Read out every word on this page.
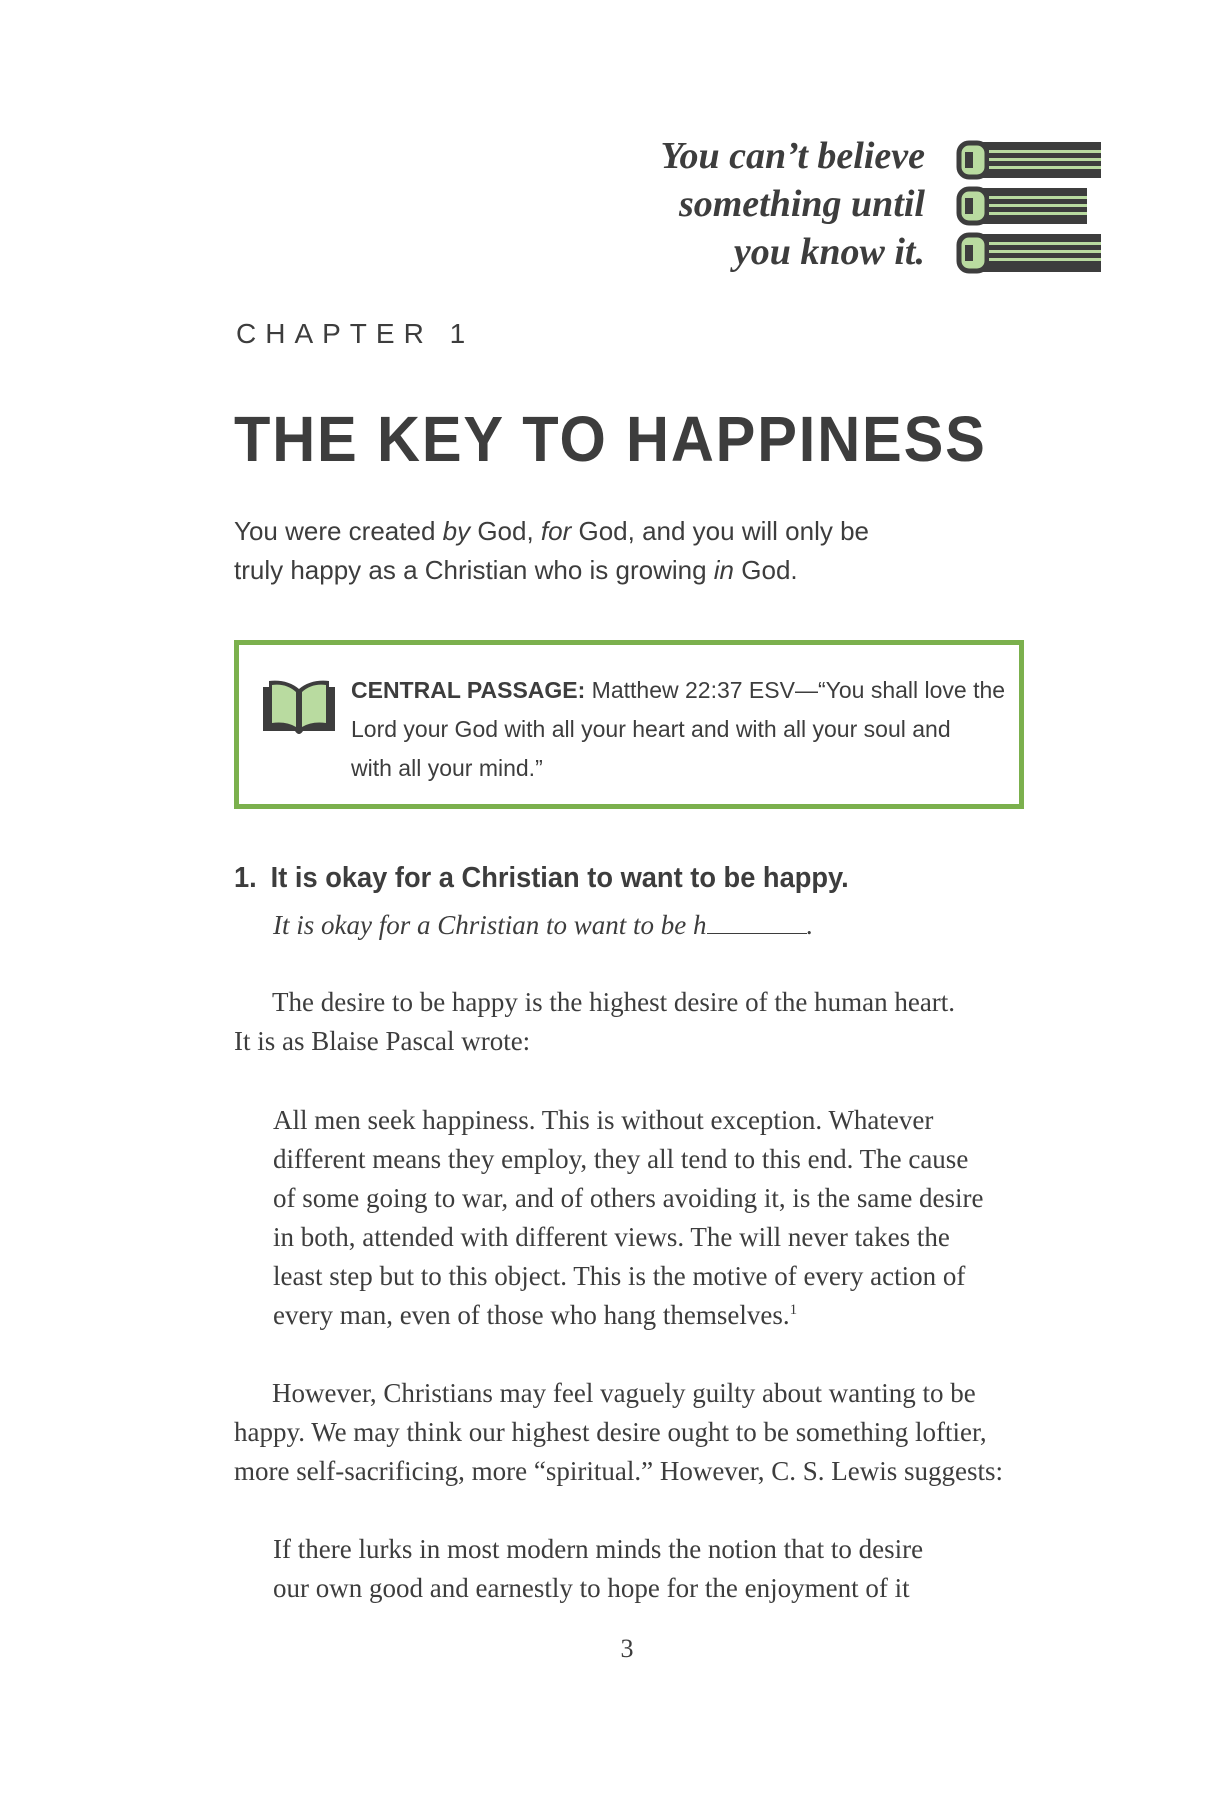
You can’t believe
something until
you know it.
CHAPTER 1
THE KEY TO HAPPINESS
You were created by God, for God, and you will only be
truly happy as a Christian who is growing in God.
CENTRAL PASSAGE: Matthew 22:37 ESV—“You shall love the
Lord your God with all your heart and with all your soul and
with all your mind.”
1. It is okay for a Christian to want to be happy.
It is okay for a Christian to want to be h	.
The desire to be happy is the highest desire of the human heart.
It is as Blaise Pascal wrote:
All men seek happiness. This is without exception. Whatever
different means they employ, they all tend to this end. The cause
of some going to war, and of others avoiding it, is the same desire
in both, attended with different views. The will never takes the
least step but to this object. This is the motive of every action of
every man, even of those who hang themselves.$^1$
However, Christians may feel vaguely guilty about wanting to be
happy. We may think our highest desire ought to be something loftier,
more self-sacrificing, more “spiritual.” However, C. S. Lewis suggests:
If there lurks in most modern minds the notion that to desire
our own good and earnestly to hope for the enjoyment of it
3
